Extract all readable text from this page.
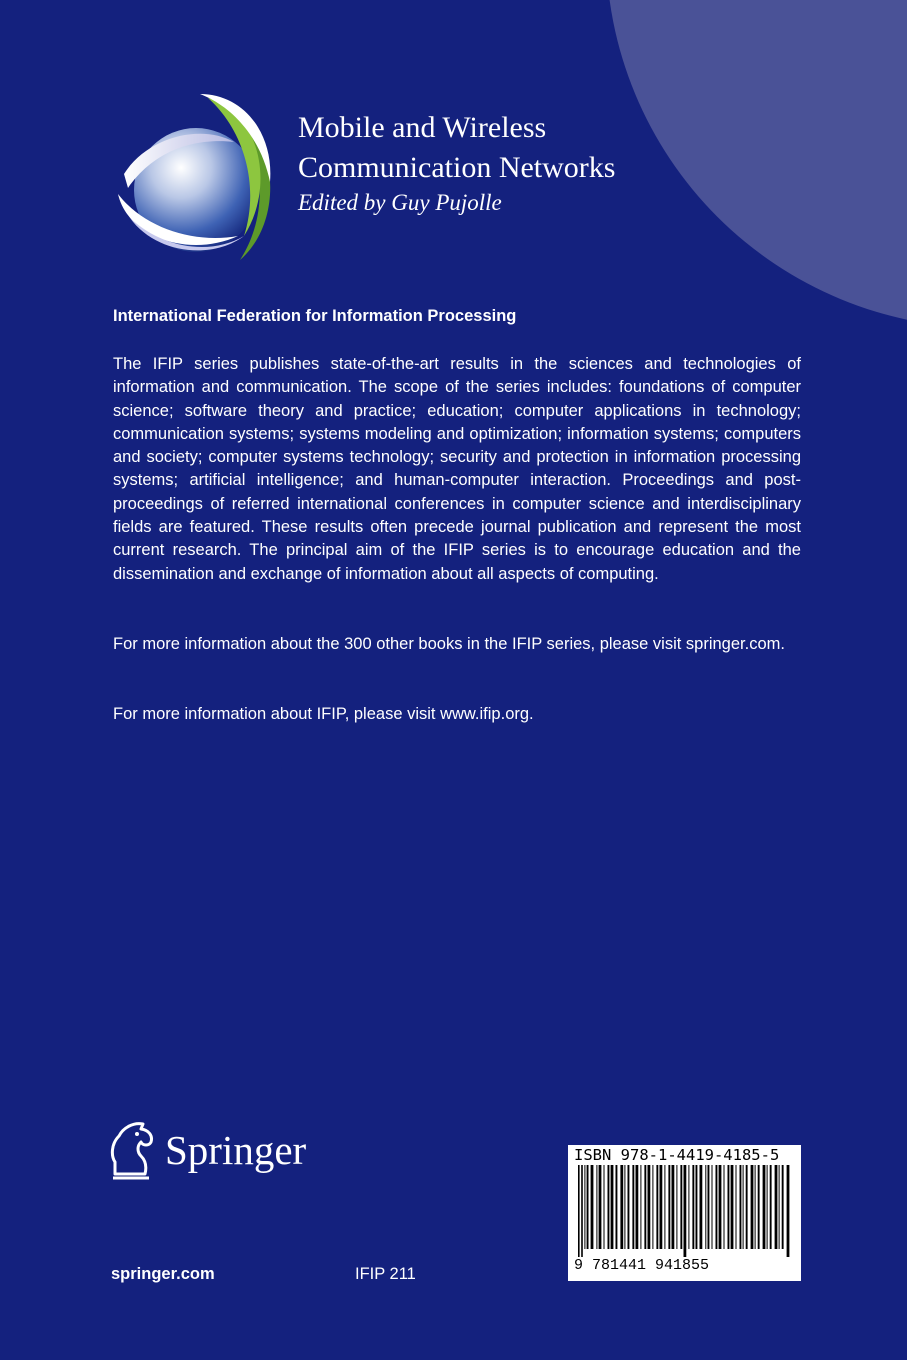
Mobile and Wireless
Communication Networks
Edited by Guy Pujolle
International Federation for Information Processing

The IFIP series publishes state-of-the-art results in the sciences and technologies of information and communication. The scope of the series includes: foundations of computer science; software theory and practice; education; computer applications in technology; communication systems; systems modeling and optimization; information systems; computers and society; computer systems technology; security and protection in information processing systems; artificial intelligence; and human-computer interaction. Proceedings and post-proceedings of referred international conferences in computer science and interdisciplinary fields are featured. These results often precede journal publication and represent the most current research. The principal aim of the IFIP series is to encourage education and the dissemination and exchange of information about all aspects of computing.

For more information about the 300 other books in the IFIP series, please visit springer.com.

For more information about IFIP, please visit www.ifip.org.

Springer
springer.com	IFIP 211
ISBN 978-1-4419-4185-5
9 781441 941855
